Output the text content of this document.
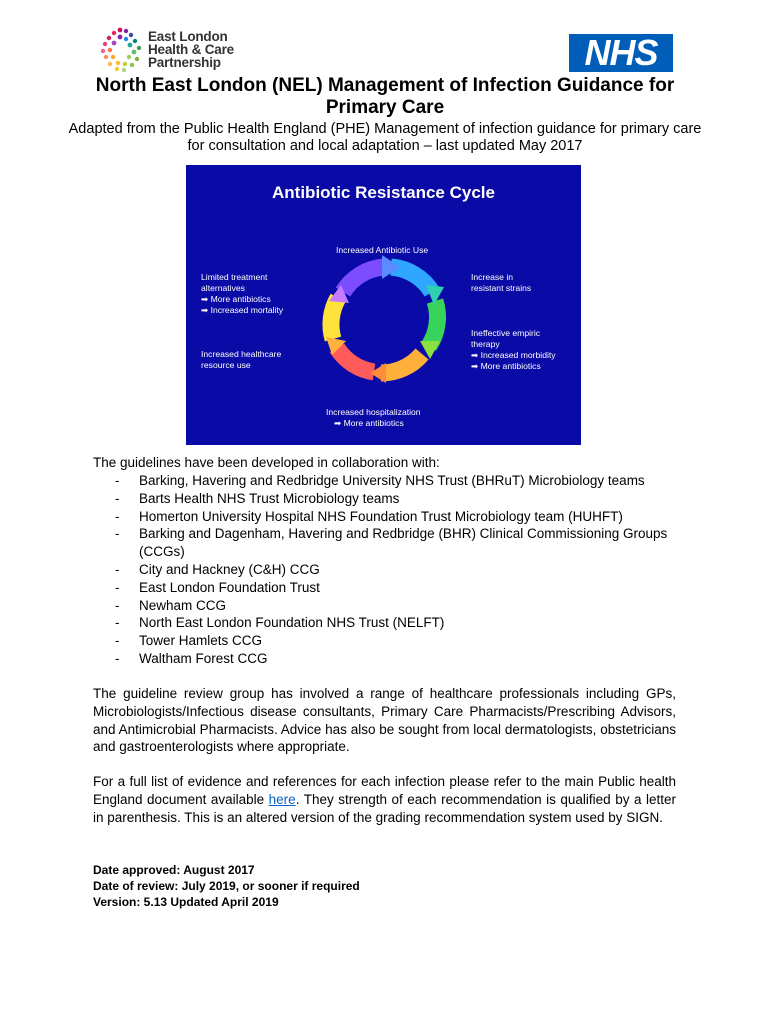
East London
Health & Care
Partnership	NHS
North East London (NEL) Management of Infection Guidance for Primary Care
Adapted from the Public Health England (PHE) Management of infection guidance for primary care for consultation and local adaptation – last updated May 2017
Antibiotic Resistance Cycle
Increased Antibiotic Use
Increase in
resistant strains
Ineffective empiric
therapy
➡ Increased morbidity
➡ More antibiotics
Increased hospitalization
➡ More antibiotics
Increased healthcare
resource use
Limited treatment
alternatives
➡ More antibiotics
➡ Increased mortality
The guidelines have been developed in collaboration with:
- Barking, Havering and Redbridge University NHS Trust (BHRuT) Microbiology teams
- Barts Health NHS Trust Microbiology teams
- Homerton University Hospital NHS Foundation Trust Microbiology team (HUHFT)
- Barking and Dagenham, Havering and Redbridge (BHR) Clinical Commissioning Groups (CCGs)
- City and Hackney (C&H) CCG
- East London Foundation Trust
- Newham CCG
- North East London Foundation NHS Trust (NELFT)
- Tower Hamlets CCG
- Waltham Forest CCG

The guideline review group has involved a range of healthcare professionals including GPs, Microbiologists/Infectious disease consultants, Primary Care Pharmacists/Prescribing Advisors, and Antimicrobial Pharmacists. Advice has also be sought from local dermatologists, obstetricians and gastroenterologists where appropriate.

For a full list of evidence and references for each infection please refer to the main Public health England document available here. They strength of each recommendation is qualified by a letter in parenthesis. This is an altered version of the grading recommendation system used by SIGN.

Date approved: August 2017
Date of review: July 2019, or sooner if required
Version: 5.13 Updated April 2019
